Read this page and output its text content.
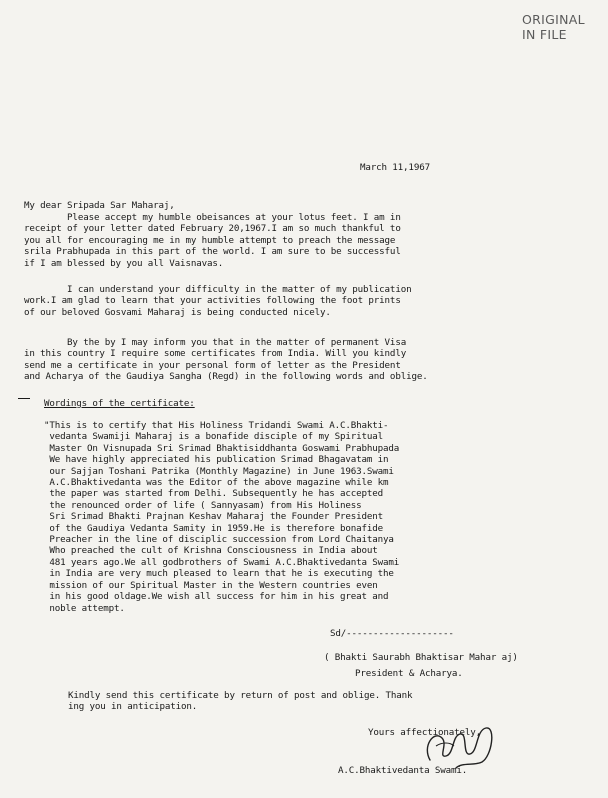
ORIGINAL
IN FILE
March 11,1967
My dear Sripada Sar Maharaj,
Please accept my humble obeisances at your lotus feet. I am in
receipt of your letter dated February 20,1967.I am so much thankful to
you all for encouraging me in my humble attempt to preach the message
srila Prabhupada in this part of the world. I am sure to be successful
if I am blessed by you all Vaisnavas.
I can understand your difficulty in the matter of my publication
work.I am glad to learn that your activities following the foot prints
of our beloved Gosvami Maharaj is being conducted nicely.
By the by I may inform you that in the matter of permanent Visa
in this country I require some certificates from India. Will you kindly
send me a certificate in your personal form of letter as the President
and Acharya of the Gaudiya Sangha (Regd) in the following words and oblige.
Wordings of the certificate:
"This is to certify that His Holiness Tridandi Swami A.C.Bhakti-
vedanta Swamiji Maharaj is a bonafide disciple of my Spiritual
Master On Visnupada Sri Srimad Bhaktisiddhanta Goswami Prabhupada
We have highly appreciated his publication Srimad Bhagavatam in
our Sajjan Toshani Patrika (Monthly Magazine) in June 1963.Swami
A.C.Bhaktivedanta was the Editor of the above magazine while km
the paper was started from Delhi. Subsequently he has accepted
the renounced order of life ( Sannyasam) from His Holiness
Sri Srimad Bhakti Prajnan Keshav Maharaj the Founder President
of the Gaudiya Vedanta Samity in 1959.He is therefore bonafide
Preacher in the line of disciplic succession from Lord Chaitanya
Who preached the cult of Krishna Consciousness in India about
481 years ago.We all godbrothers of Swami A.C.Bhaktivedanta Swami
in India are very much pleased to learn that he is executing the
mission of our Spiritual Master in the Western countries even
in his good oldage.We wish all success for him in his great and
noble attempt.
Sd/--------------------
( Bhakti Saurabh Bhaktisar Mahar aj)
President & Acharya.
Kindly send this certificate by return of post and oblige. Thank
ing you in anticipation.
Yours affectionately,
A.C.Bhaktivedanta Swami.
